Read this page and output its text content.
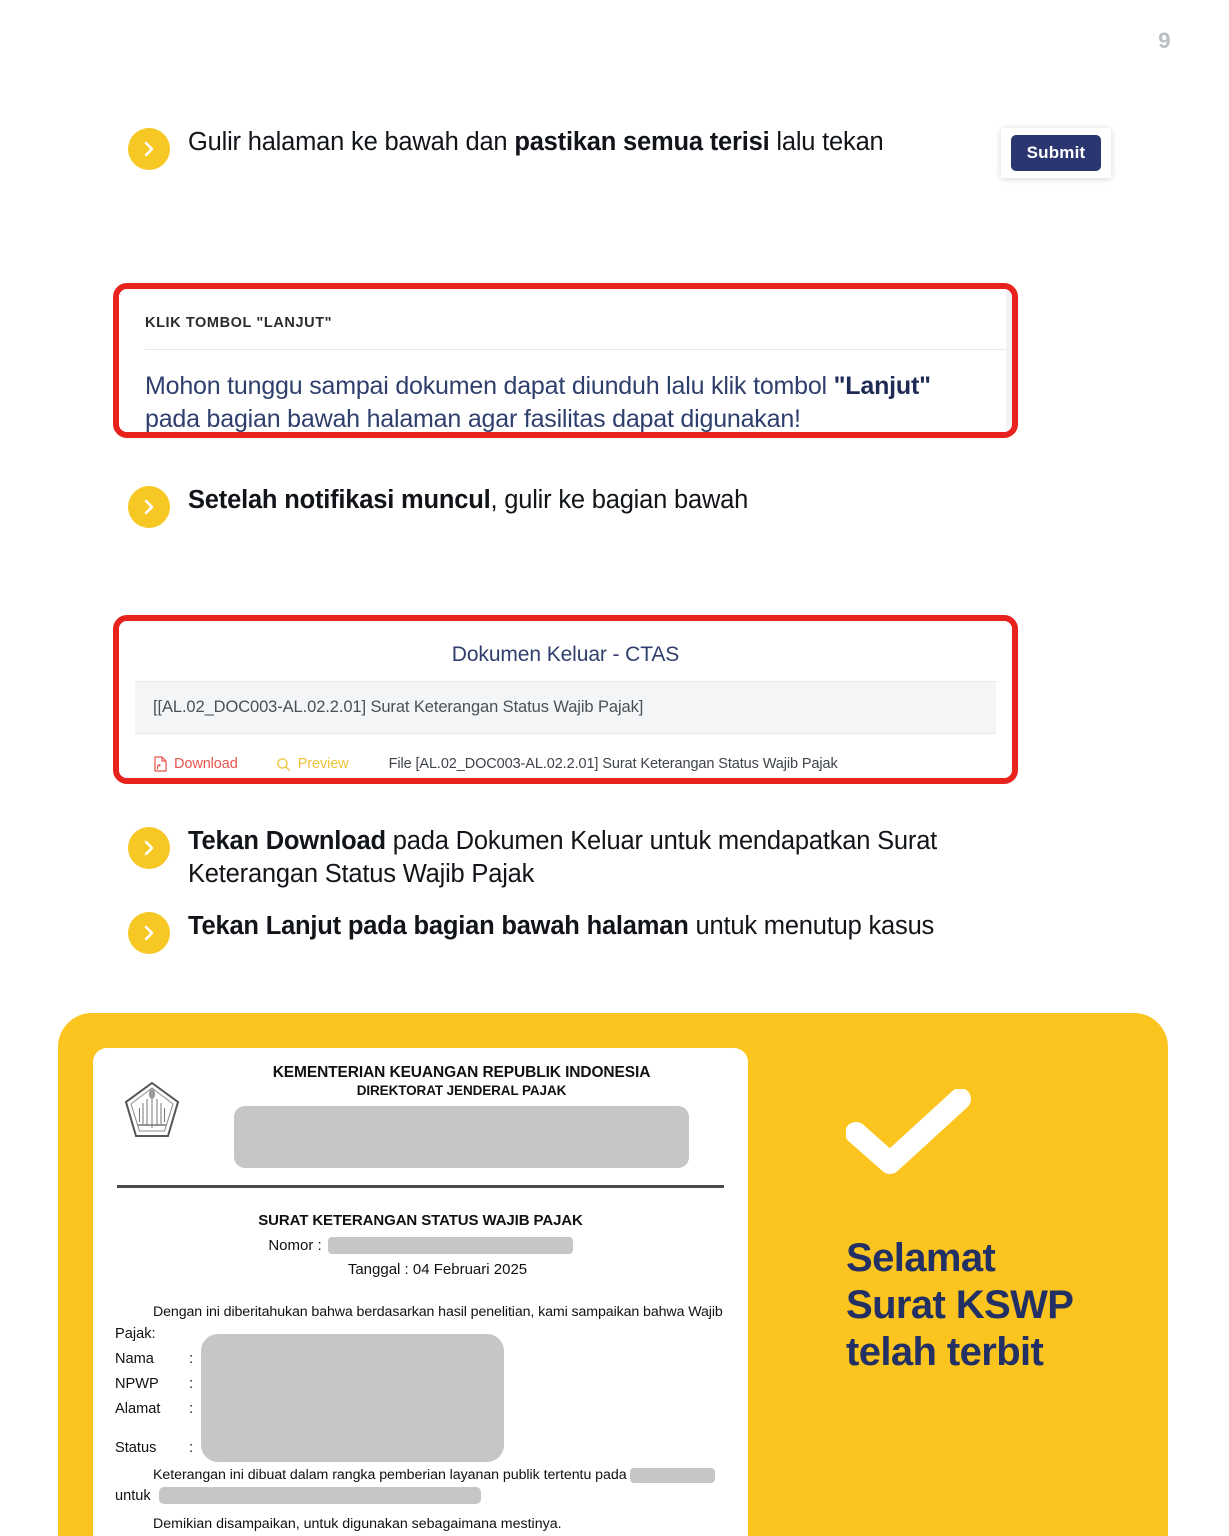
9
Gulir halaman ke bawah dan pastikan semua terisi lalu tekan	Submit
KLIK TOMBOL "LANJUT"
Mohon tunggu sampai dokumen dapat diunduh lalu klik tombol "Lanjut" pada bagian bawah halaman agar fasilitas dapat digunakan!
Setelah notifikasi muncul, gulir ke bagian bawah
Dokumen Keluar - CTAS
[[AL.02_DOC003-AL.02.2.01] Surat Keterangan Status Wajib Pajak]
Download	Preview	File [AL.02_DOC003-AL.02.2.01] Surat Keterangan Status Wajib Pajak
Tekan Download pada Dokumen Keluar untuk mendapatkan Surat Keterangan Status Wajib Pajak
Tekan Lanjut pada bagian bawah halaman untuk menutup kasus
KEMENTERIAN KEUANGAN REPUBLIK INDONESIA
DIREKTORAT JENDERAL PAJAK
SURAT KETERANGAN STATUS WAJIB PAJAK
Nomor :
Tanggal : 04 Februari 2025
Dengan ini diberitahukan bahwa berdasarkan hasil penelitian, kami sampaikan bahwa Wajib
Pajak:
Nama :
NPWP :
Alamat :
Status :
Keterangan ini dibuat dalam rangka pemberian layanan publik tertentu pada
untuk
Demikian disampaikan, untuk digunakan sebagaimana mestinya.
Selamat
Surat KSWP
telah terbit
